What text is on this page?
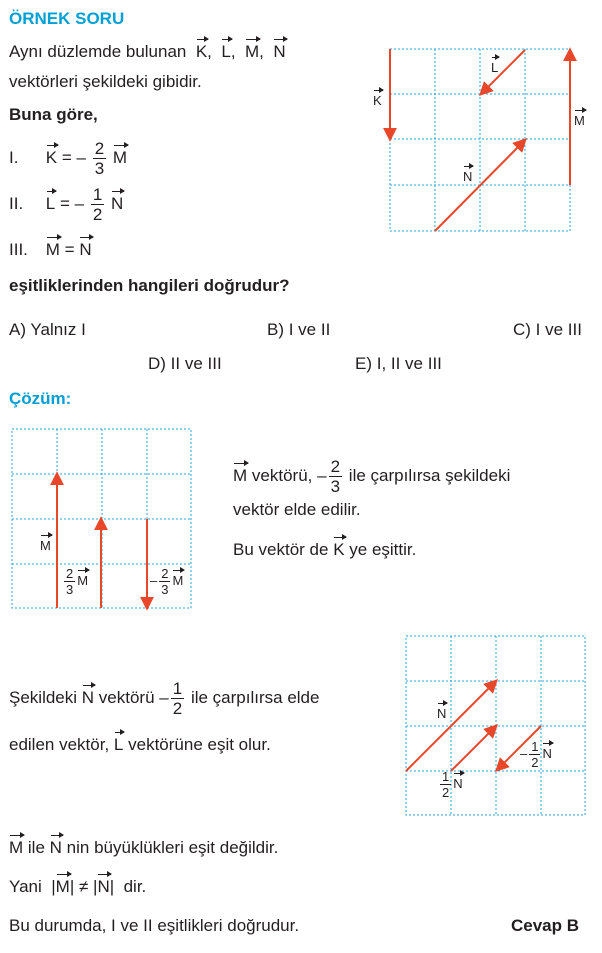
ÖRNEK SORU
Aynı düzlemde bulunan K,  L,  M,  N
vektörleri şekildeki gibidir.
Buna göre,
I. K = – $\frac{2}{3}$ M
II. L = – $\frac{1}{2}$ N
III. M = N
eşitliklerinden hangileri doğrudur?
A) Yalnız I	B) I ve II	C) I ve III
D) II ve III	E) I, II ve III
K
L
M
N
Çözüm:
M
$\frac{2}{3}$ M	– $\frac{2}{3}$ M
M vektörü, – $\frac{2}{3}$ ile çarpılırsa şekildeki
vektör elde edilir.
Bu vektör de K ye eşittir.
N
$\frac{1}{2}$ N
– $\frac{1}{2}$ N
Şekildeki N vektörü – $\frac{1}{2}$ ile çarpılırsa elde
edilen vektör, L vektörüne eşit olur.
M ile N nin büyüklükleri eşit değildir.
Yani  |M| ≠ |N|  dir.
Bu durumda, I ve II eşitlikleri doğrudur.	Cevap B
